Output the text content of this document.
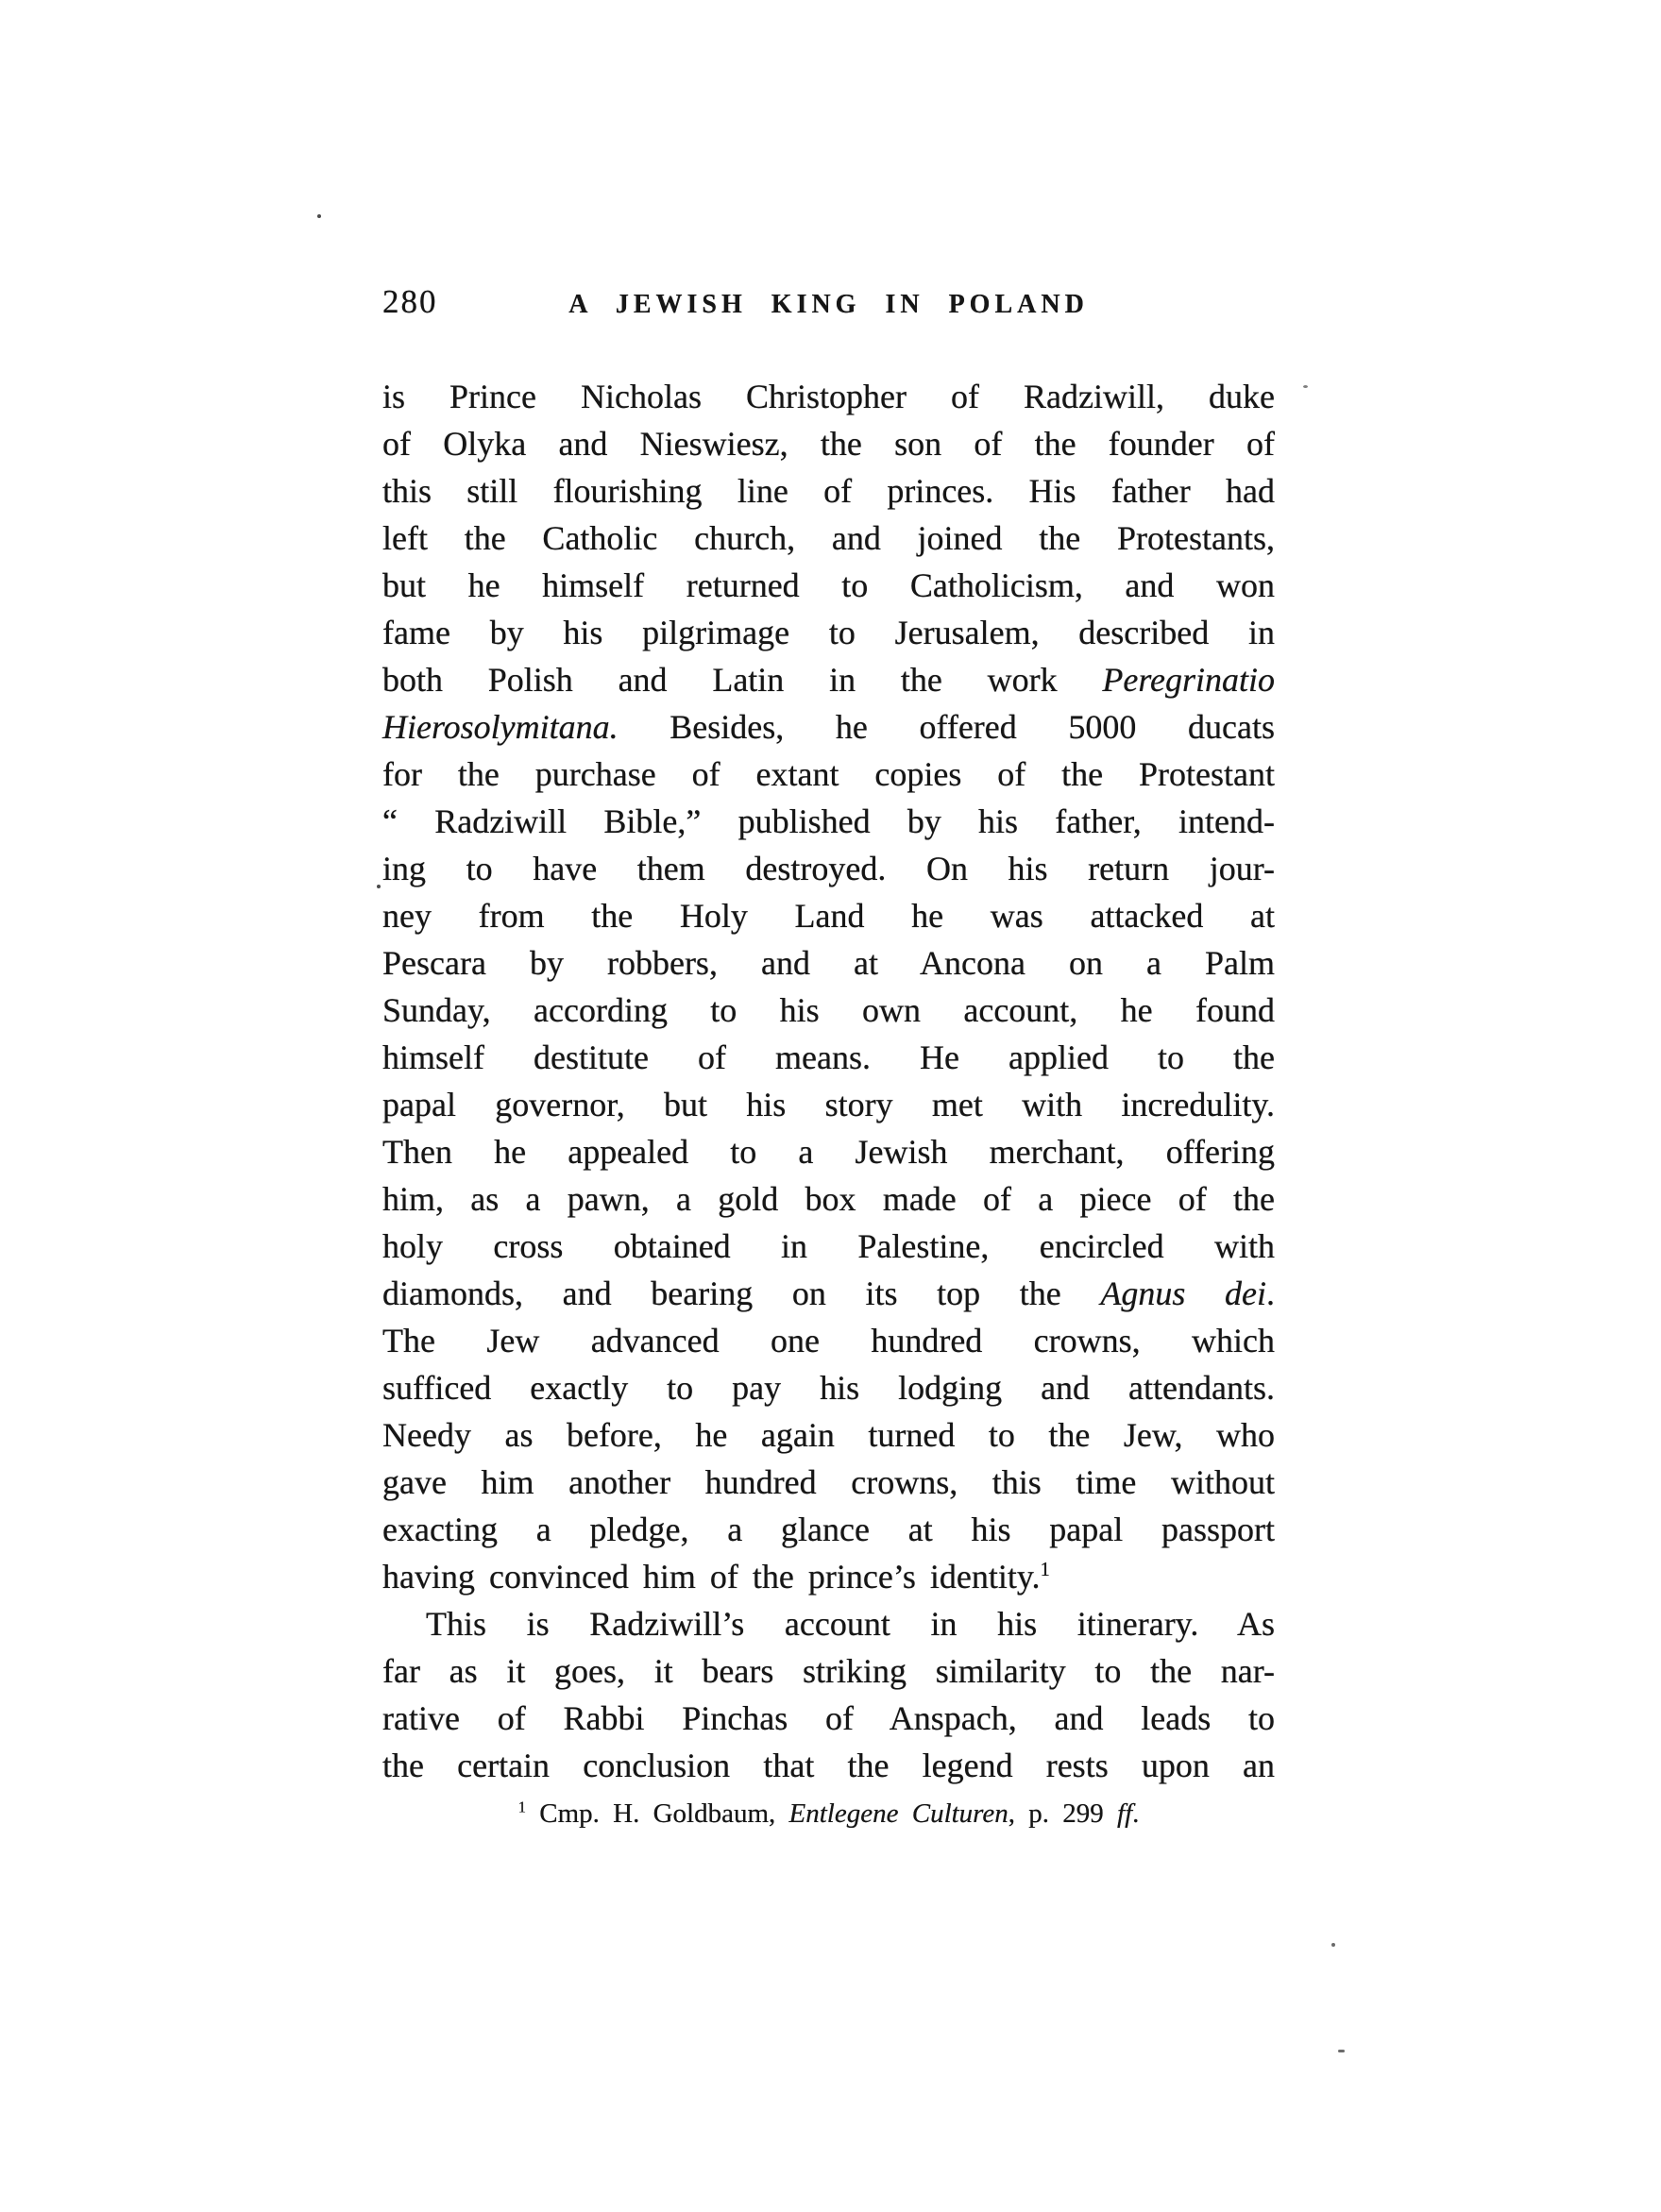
280	A JEWISH KING IN POLAND
is Prince Nicholas Christopher of Radziwill, duke
of Olyka and Nieswiesz, the son of the founder of
this still flourishing line of princes. His father had
left the Catholic church, and joined the Protestants,
but he himself returned to Catholicism, and won
fame by his pilgrimage to Jerusalem, described in
both Polish and Latin in the work Peregrinatio
Hierosolymitana. Besides, he offered 5000 ducats
for the purchase of extant copies of the Protestant
“ Radziwill Bible,” published by his father, intend-
ing to have them destroyed. On his return jour-
ney from the Holy Land he was attacked at
Pescara by robbers, and at Ancona on a Palm
Sunday, according to his own account, he found
himself destitute of means. He applied to the
papal governor, but his story met with incredulity.
Then he appealed to a Jewish merchant, offering
him, as a pawn, a gold box made of a piece of the
holy cross obtained in Palestine, encircled with
diamonds, and bearing on its top the Agnus dei.
The Jew advanced one hundred crowns, which
sufficed exactly to pay his lodging and attendants.
Needy as before, he again turned to the Jew, who
gave him another hundred crowns, this time without
exacting a pledge, a glance at his papal passport
having convinced him of the prince’s identity.$^1$
This is Radziwill’s account in his itinerary. As
far as it goes, it bears striking similarity to the nar-
rative of Rabbi Pinchas of Anspach, and leads to
the certain conclusion that the legend rests upon an
$^1$ Cmp. H. Goldbaum, Entlegene Culturen, p. 299 ff.
